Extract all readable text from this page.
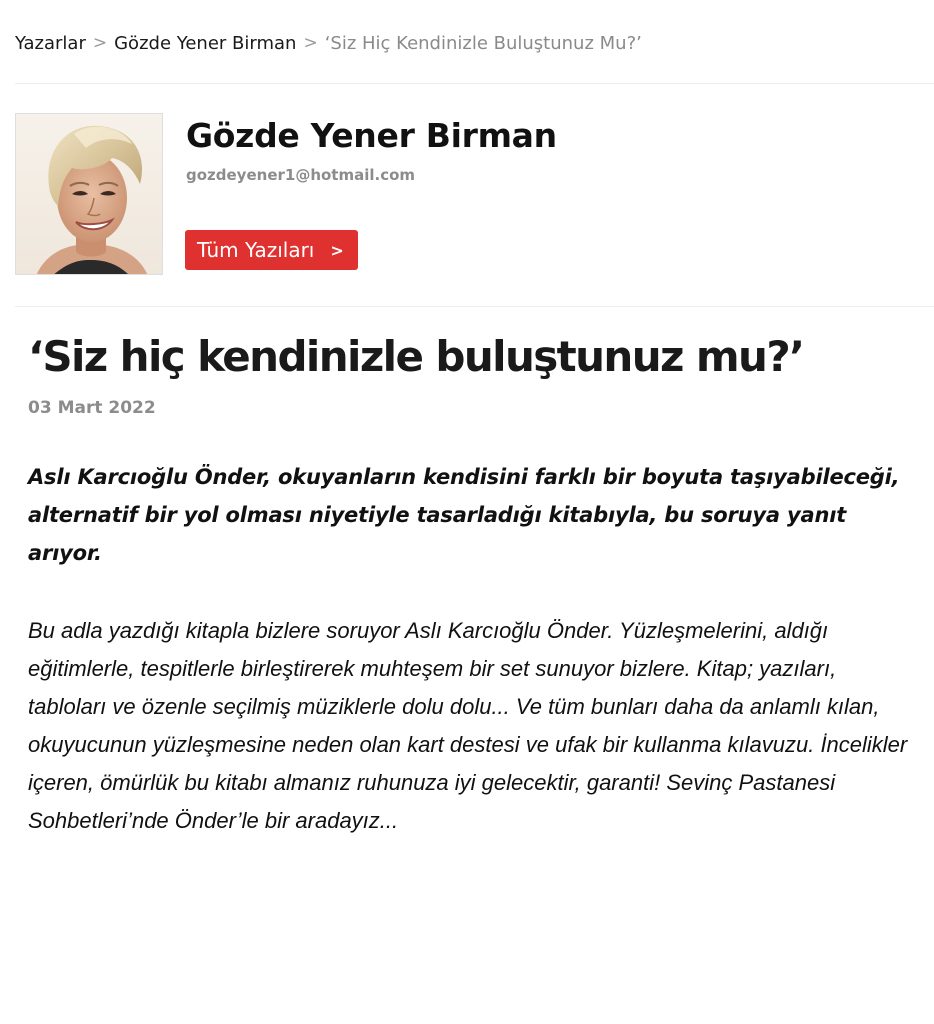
Yazarlar > Gözde Yener Birman > ‘Siz Hiç Kendinizle Buluştunuz Mu?’
Gözde Yener Birman
gozdeyener1@hotmail.com
Tüm Yazıları >
‘Siz hiç kendinizle buluştunuz mu?’
03 Mart 2022

Aslı Karcıoğlu Önder, okuyanların kendisini farklı bir boyuta taşıyabileceği, alternatif bir yol olması niyetiyle tasarladığı kitabıyla, bu soruya yanıt arıyor.

Bu adla yazdığı kitapla bizlere soruyor Aslı Karcıoğlu Önder. Yüzleşmelerini, aldığı eğitimlerle, tespitlerle birleştirerek muhteşem bir set sunuyor bizlere. Kitap; yazıları, tabloları ve özenle seçilmiş müziklerle dolu dolu... Ve tüm bunları daha da anlamlı kılan, okuyucunun yüzleşmesine neden olan kart destesi ve ufak bir kullanma kılavuzu. İncelikler içeren, ömürlük bu kitabı almanız ruhunuza iyi gelecektir, garanti! Sevinç Pastanesi Sohbetleri’nde Önder’le bir aradayız...
